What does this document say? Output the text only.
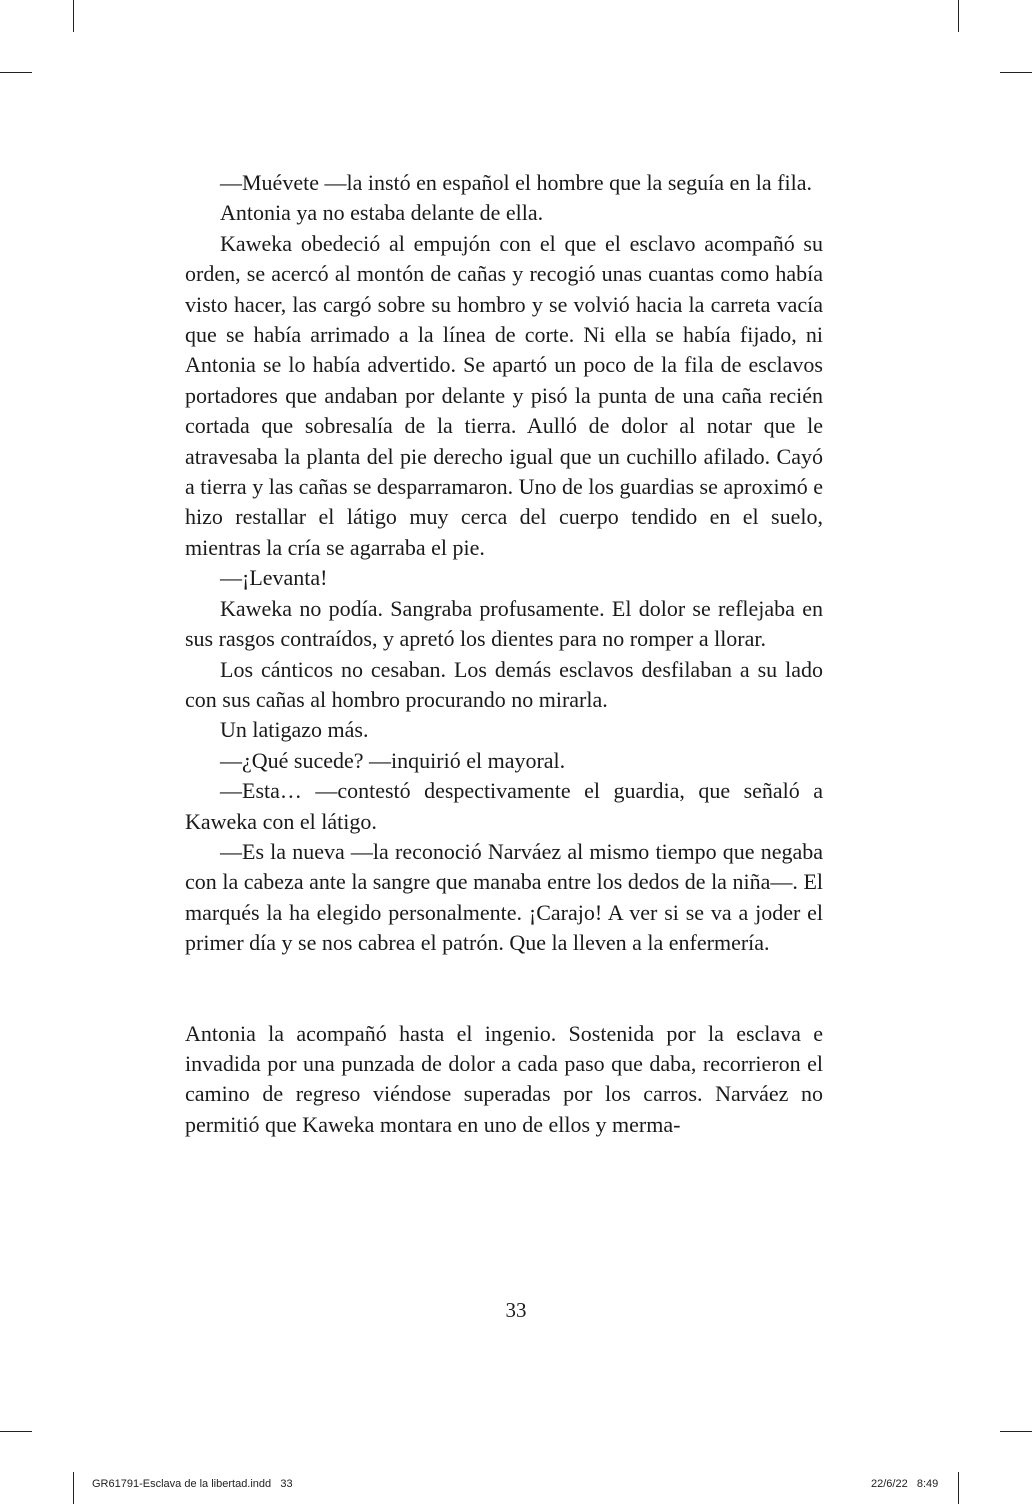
—Muévete —la instó en español el hombre que la seguía en la fila.

Antonia ya no estaba delante de ella.

Kaweka obedeció al empujón con el que el esclavo acompañó su orden, se acercó al montón de cañas y recogió unas cuantas como había visto hacer, las cargó sobre su hombro y se volvió hacia la carreta vacía que se había arrimado a la línea de corte. Ni ella se había fijado, ni Antonia se lo había advertido. Se apartó un poco de la fila de esclavos portadores que andaban por delante y pisó la punta de una caña recién cortada que sobresalía de la tierra. Aulló de dolor al notar que le atravesaba la planta del pie derecho igual que un cuchillo afilado. Cayó a tierra y las cañas se desparramaron. Uno de los guardias se aproximó e hizo restallar el látigo muy cerca del cuerpo tendido en el suelo, mientras la cría se agarraba el pie.

—¡Levanta!

Kaweka no podía. Sangraba profusamente. El dolor se reflejaba en sus rasgos contraídos, y apretó los dientes para no romper a llorar.

Los cánticos no cesaban. Los demás esclavos desfilaban a su lado con sus cañas al hombro procurando no mirarla.

Un latigazo más.

—¿Qué sucede? —inquirió el mayoral.

—Esta… —contestó despectivamente el guardia, que señaló a Kaweka con el látigo.

—Es la nueva —la reconoció Narváez al mismo tiempo que negaba con la cabeza ante la sangre que manaba entre los dedos de la niña—. El marqués la ha elegido personalmente. ¡Carajo! A ver si se va a joder el primer día y se nos cabrea el patrón. Que la lleven a la enfermería.

Antonia la acompañó hasta el ingenio. Sostenida por la esclava e invadida por una punzada de dolor a cada paso que daba, recorrieron el camino de regreso viéndose superadas por los carros. Narváez no permitió que Kaweka montara en uno de ellos y merma-

33
GR61791-Esclava de la libertad.indd   33	22/6/22   8:49
